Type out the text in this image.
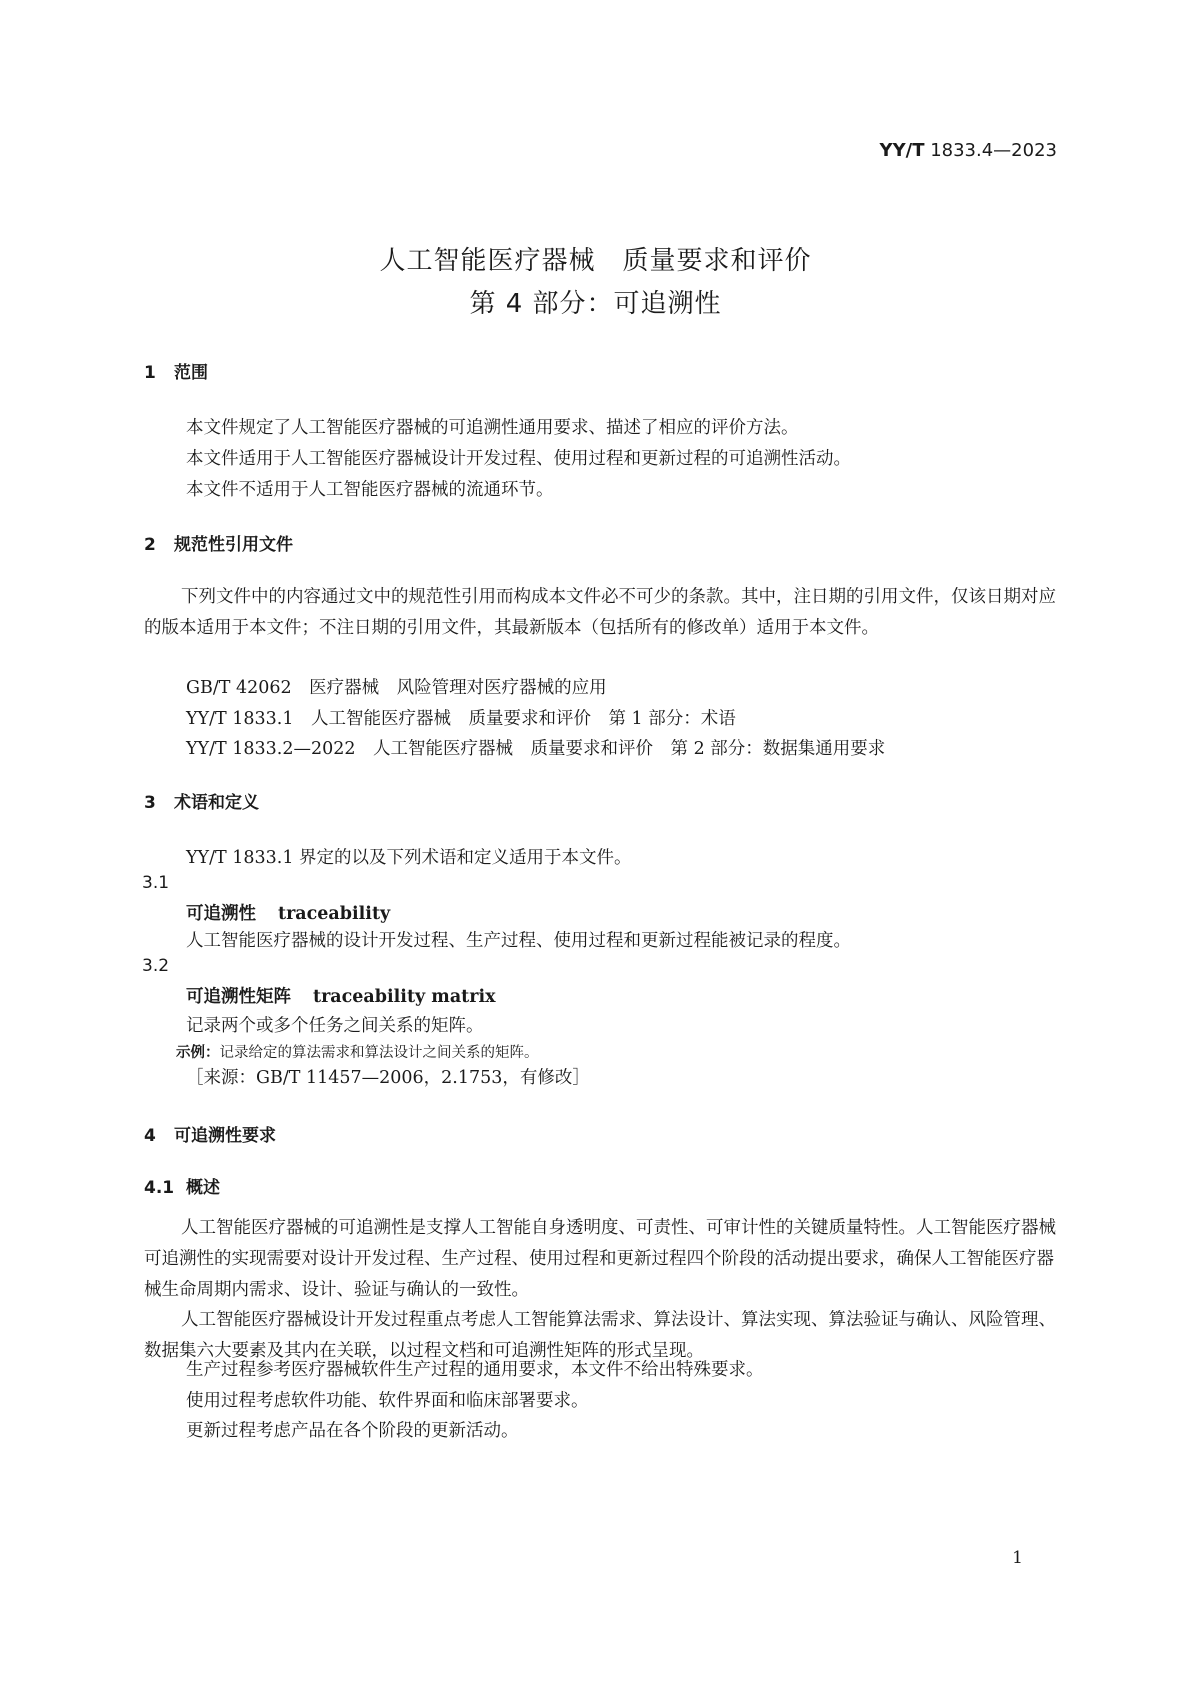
YY/T 1833.4—2023
人工智能医疗器械　质量要求和评价
第 4 部分：可追溯性
1 范围
本文件规定了人工智能医疗器械的可追溯性通用要求、描述了相应的评价方法。
本文件适用于人工智能医疗器械设计开发过程、使用过程和更新过程的可追溯性活动。
本文件不适用于人工智能医疗器械的流通环节。
2 规范性引用文件
下列文件中的内容通过文中的规范性引用而构成本文件必不可少的条款。其中，注日期的引用文件，仅该日期对应的版本适用于本文件；不注日期的引用文件，其最新版本（包括所有的修改单）适用于本文件。
GB/T 42062　医疗器械　风险管理对医疗器械的应用
YY/T 1833.1　人工智能医疗器械　质量要求和评价　第 1 部分：术语
YY/T 1833.2—2022　人工智能医疗器械　质量要求和评价　第 2 部分：数据集通用要求
3 术语和定义
YY/T 1833.1 界定的以及下列术语和定义适用于本文件。
3.1
可追溯性 traceability
人工智能医疗器械的设计开发过程、生产过程、使用过程和更新过程能被记录的程度。
3.2
可追溯性矩阵 traceability matrix
记录两个或多个任务之间关系的矩阵。
示例：记录给定的算法需求和算法设计之间关系的矩阵。
［来源：GB/T 11457—2006，2.1753，有修改］
4 可追溯性要求
4.1 概述
人工智能医疗器械的可追溯性是支撑人工智能自身透明度、可责性、可审计性的关键质量特性。人工智能医疗器械可追溯性的实现需要对设计开发过程、生产过程、使用过程和更新过程四个阶段的活动提出要求，确保人工智能医疗器械生命周期内需求、设计、验证与确认的一致性。
人工智能医疗器械设计开发过程重点考虑人工智能算法需求、算法设计、算法实现、算法验证与确认、风险管理、数据集六大要素及其内在关联，以过程文档和可追溯性矩阵的形式呈现。
生产过程参考医疗器械软件生产过程的通用要求，本文件不给出特殊要求。
使用过程考虑软件功能、软件界面和临床部署要求。
更新过程考虑产品在各个阶段的更新活动。
1
